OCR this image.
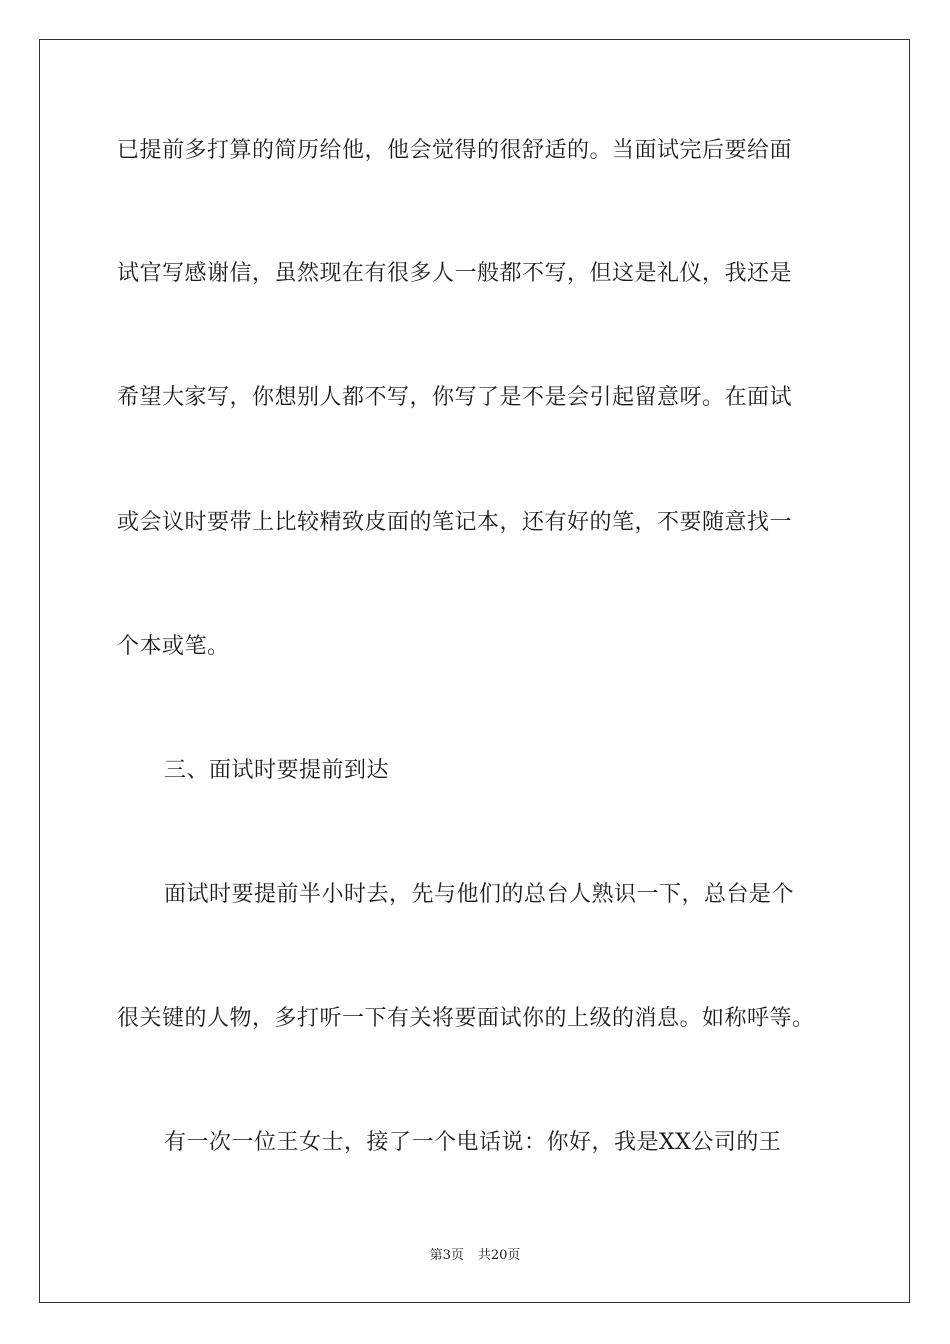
已提前多打算的简历给他，他会觉得的很舒适的。当面试完后要给面
试官写感谢信，虽然现在有很多人一般都不写，但这是礼仪，我还是
希望大家写，你想别人都不写，你写了是不是会引起留意呀。在面试
或会议时要带上比较精致皮面的笔记本，还有好的笔，不要随意找一
个本或笔。
三、面试时要提前到达
面试时要提前半小时去，先与他们的总台人熟识一下，总台是个
很关键的人物，多打听一下有关将要面试你的上级的消息。如称呼等。
有一次一位王女士，接了一个电话说：你好，我是XX公司的王
第3页 共20页
